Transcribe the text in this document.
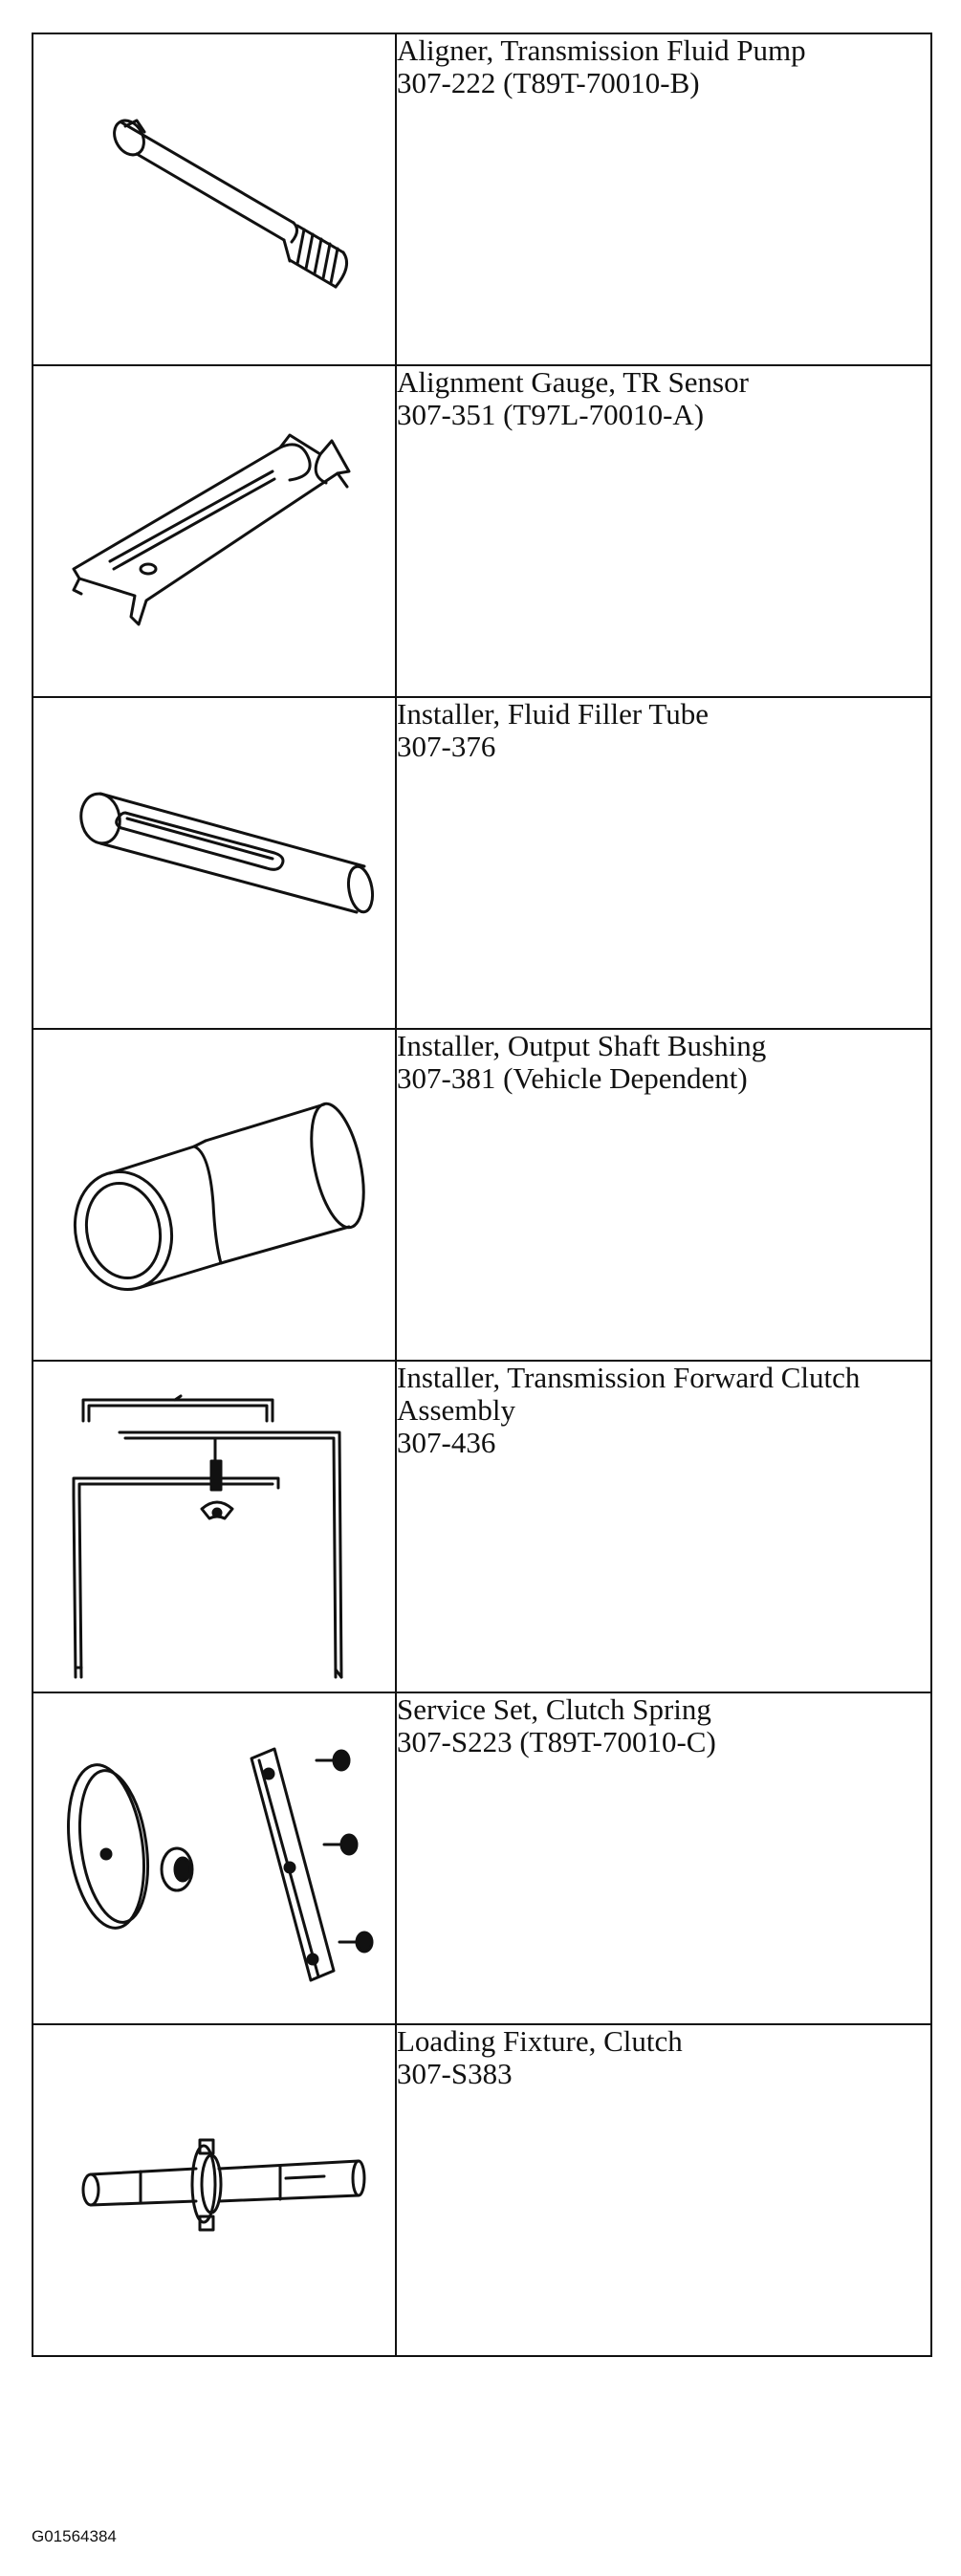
Aligner, Transmission Fluid Pump
307-222 (T89T-70010-B)

Alignment Gauge, TR Sensor
307-351 (T97L-70010-A)

Installer, Fluid Filler Tube
307-376

Installer, Output Shaft Bushing
307-381 (Vehicle Dependent)

Installer, Transmission Forward Clutch Assembly
307-436

Service Set, Clutch Spring
307-S223 (T89T-70010-C)

Loading Fixture, Clutch
307-S383
G01564384
